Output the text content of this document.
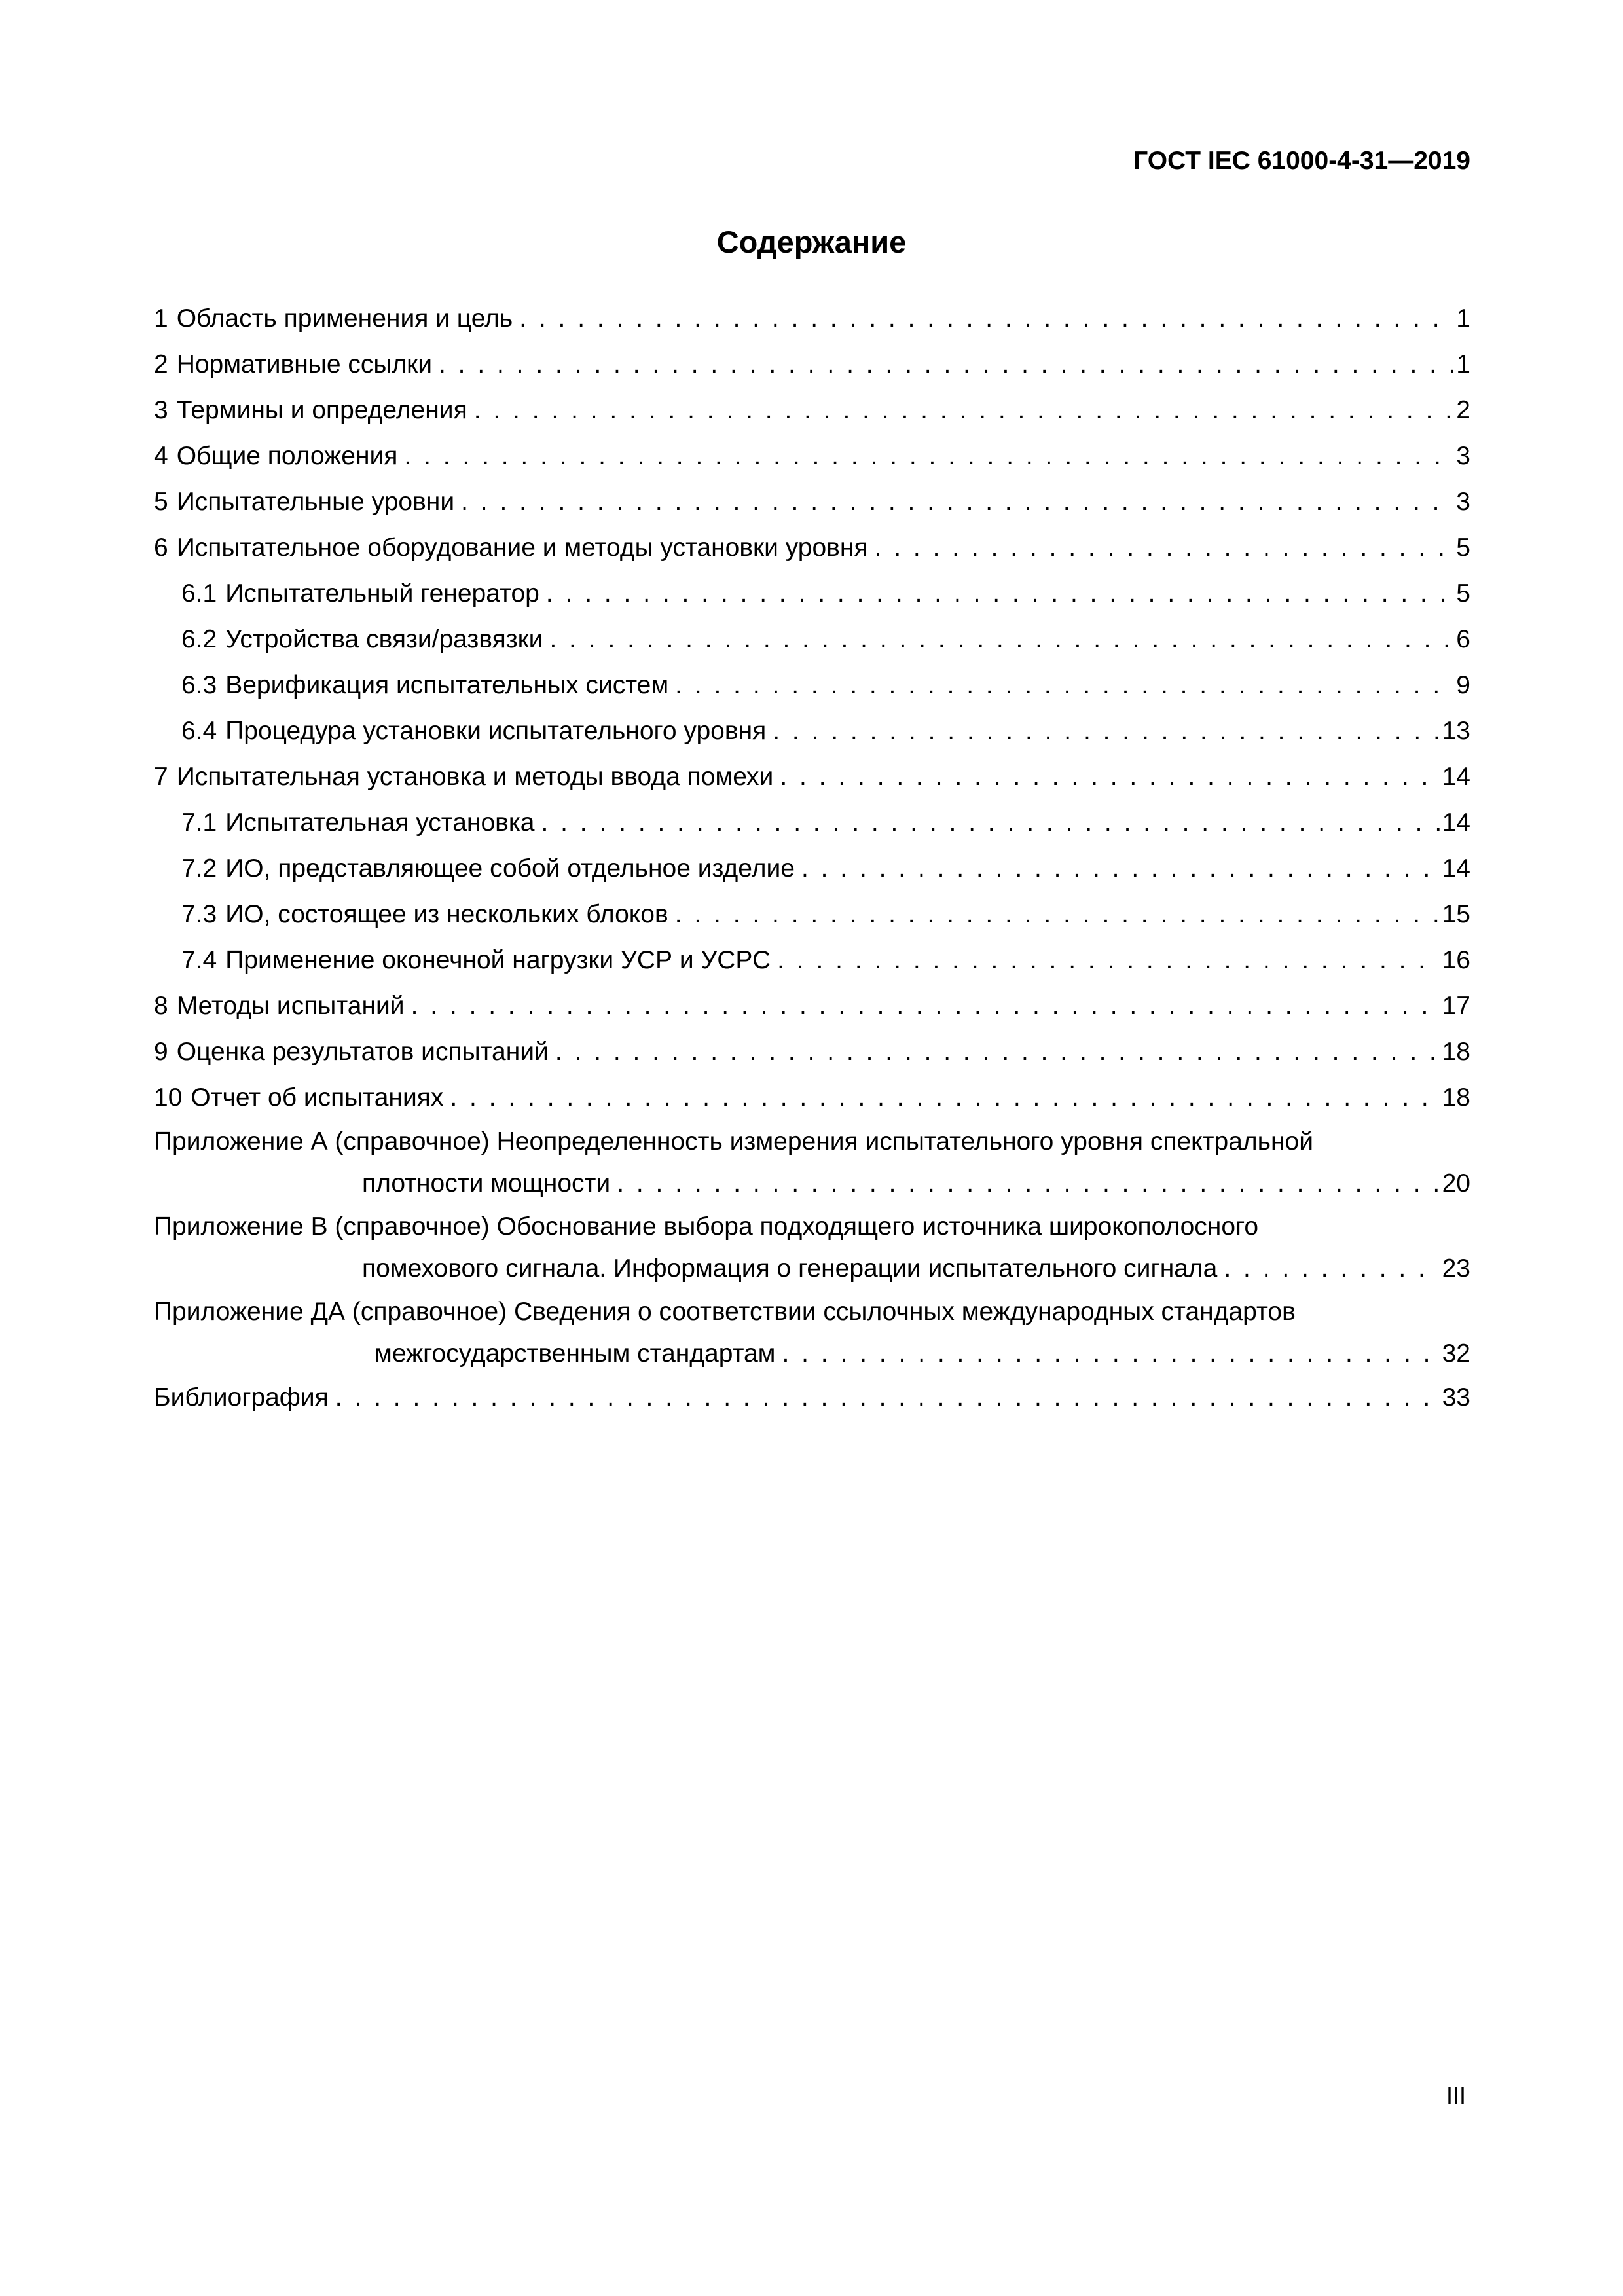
ГОСТ IEC 61000-4-31—2019
Содержание
1 Область применения и цель . . .	1
2 Нормативные ссылки . . .	1
3 Термины и определения . . .	2
4 Общие положения . . .	3
5 Испытательные уровни . . .	3
6 Испытательное оборудование и методы установки уровня . . .	5
6.1 Испытательный генератор . . .	5
6.2 Устройства связи/развязки . . .	6
6.3 Верификация испытательных систем . . .	9
6.4 Процедура установки испытательного уровня . . .	13
7 Испытательная установка и методы ввода помехи . . .	14
7.1 Испытательная установка . . .	14
7.2 ИО, представляющее собой отдельное изделие . . .	14
7.3 ИО, состоящее из нескольких блоков . . .	15
7.4 Применение оконечной нагрузки УСР и УСРС . . .	16
8 Методы испытаний . . .	17
9 Оценка результатов испытаний . . .	18
10 Отчет об испытаниях . . .	18
Приложение А (справочное) Неопределенность измерения испытательного уровня спектральной
плотности мощности . . .	20
Приложение В (справочное) Обоснование выбора подходящего источника широкополосного
помехового сигнала. Информация о генерации испытательного сигнала . . .	23
Приложение ДА (справочное) Сведения о соответствии ссылочных международных стандартов
межгосударственным стандартам . . .	32
Библиография . . .	33
III
